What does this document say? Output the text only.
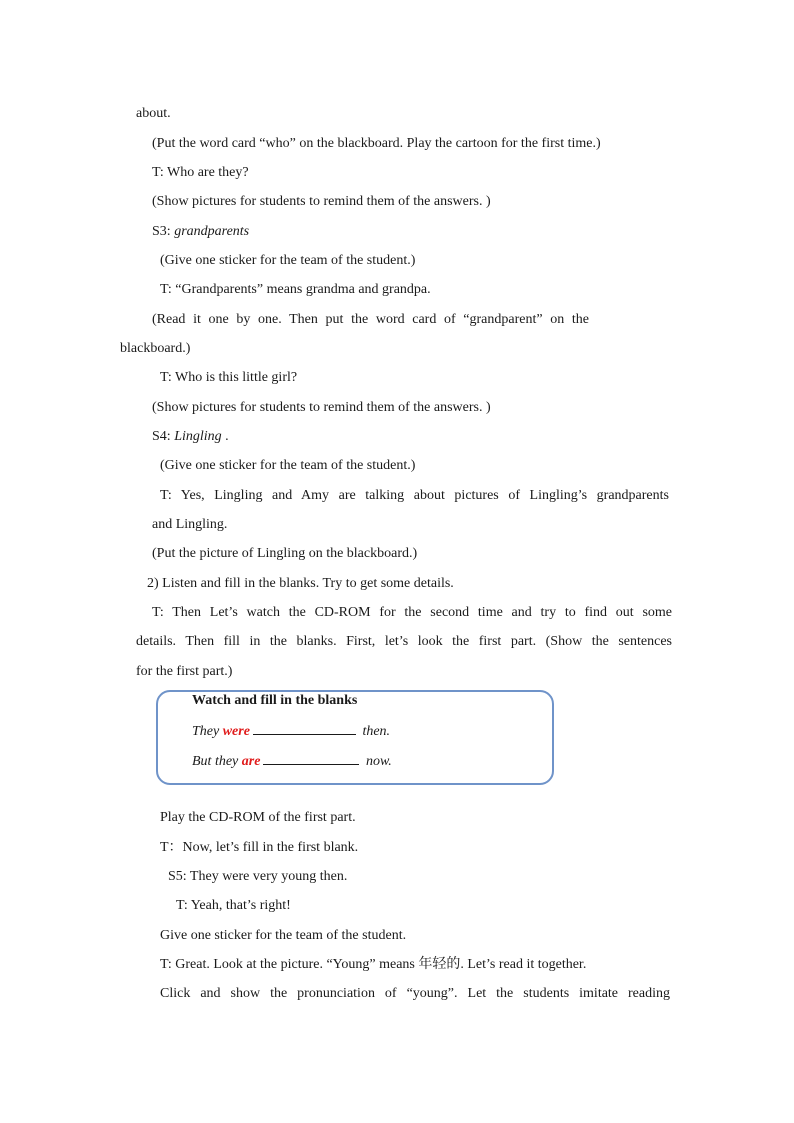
about.
(Put the word card “who” on the blackboard. Play the cartoon for the first time.)
T: Who are they?
(Show pictures for students to remind them of the answers. )
S3: grandparents
(Give one sticker for the team of the student.)
T: “Grandparents” means grandma and grandpa.
(Read it one by one. Then put the word card of “grandparent” on the
blackboard.)
T: Who is this little girl?
(Show pictures for students to remind them of the answers. )
S4: Lingling .
(Give one sticker for the team of the student.)
T: Yes, Lingling and Amy are talking about pictures of Lingling’s grandparents
and Lingling.
(Put the picture of Lingling on the blackboard.)
2) Listen and fill in the blanks. Try to get some details.
T: Then Let’s watch the CD-ROM for the second time and try to find out some
details. Then fill in the blanks. First, let’s look the first part. (Show the sentences
for the first part.)
Watch and fill in the blanks
They were	then.
But they are	now.
Play the CD-ROM of the first part.
T：Now, let’s fill in the first blank.
S5: They were very young then.
T: Yeah, that’s right!
Give one sticker for the team of the student.
T: Great. Look at the picture. “Young” means 年轻的. Let’s read it together.
Click and show the pronunciation of “young”. Let the students imitate reading
